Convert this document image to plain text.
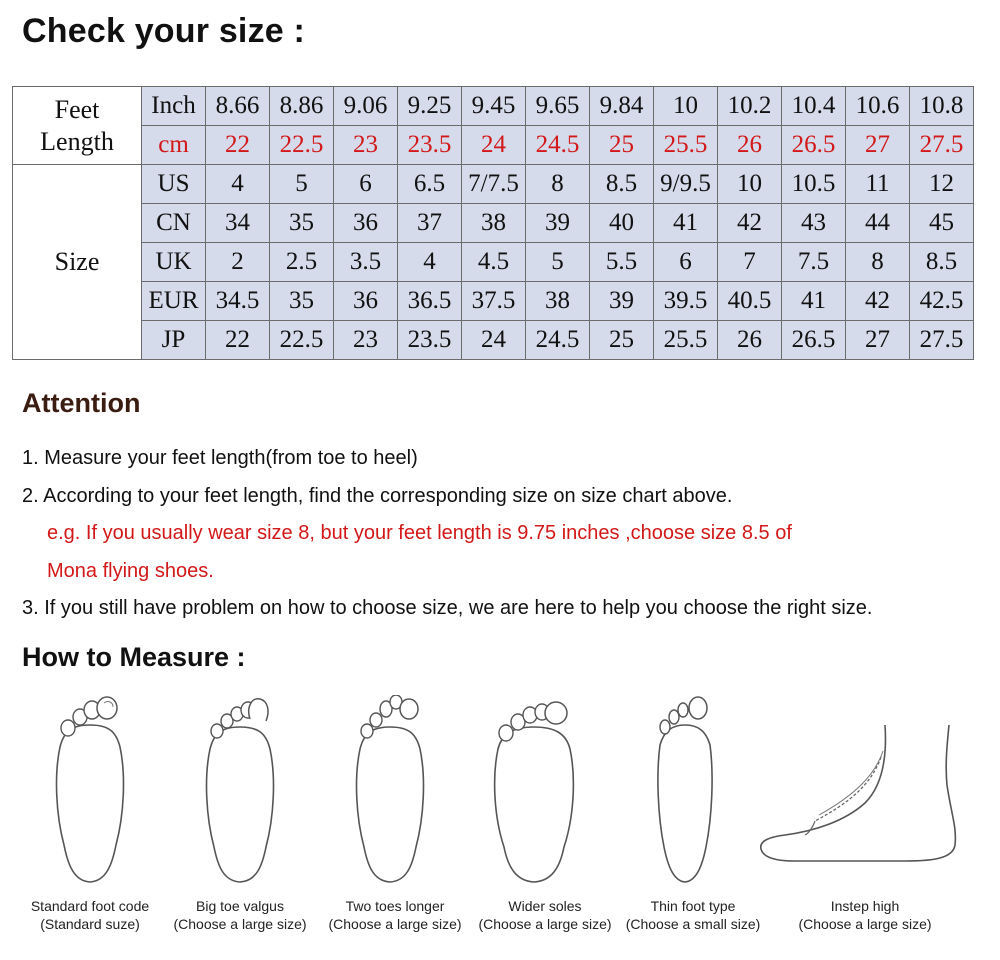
Check your size :
Feet Length	Inch	8.66	8.86	9.06	9.25	9.45	9.65	9.84	10	10.2	10.4	10.6	10.8
	cm	22	22.5	23	23.5	24	24.5	25	25.5	26	26.5	27	27.5
Size	US	4	5	6	6.5	7/7.5	8	8.5	9/9.5	10	10.5	11	12
	CN	34	35	36	37	38	39	40	41	42	43	44	45
	UK	2	2.5	3.5	4	4.5	5	5.5	6	7	7.5	8	8.5
	EUR	34.5	35	36	36.5	37.5	38	39	39.5	40.5	41	42	42.5
	JP	22	22.5	23	23.5	24	24.5	25	25.5	26	26.5	27	27.5
Attention
1. Measure your feet length(from toe to heel)
2. According to your feet length, find the corresponding size on size chart above.
e.g. If you usually wear size 8, but your feet length is 9.75 inches ,choose size 8.5 of
Mona flying shoes.
3. If you still have problem on how to choose size, we are here to help you choose the right size.
How to Measure :
Standard foot code
(Standard suze)
Big toe valgus
(Choose a large size)
Two toes longer
(Choose a large size)
Wider soles
(Choose a large size)
Thin foot type
(Choose a small size)
Instep high
(Choose a large size)
